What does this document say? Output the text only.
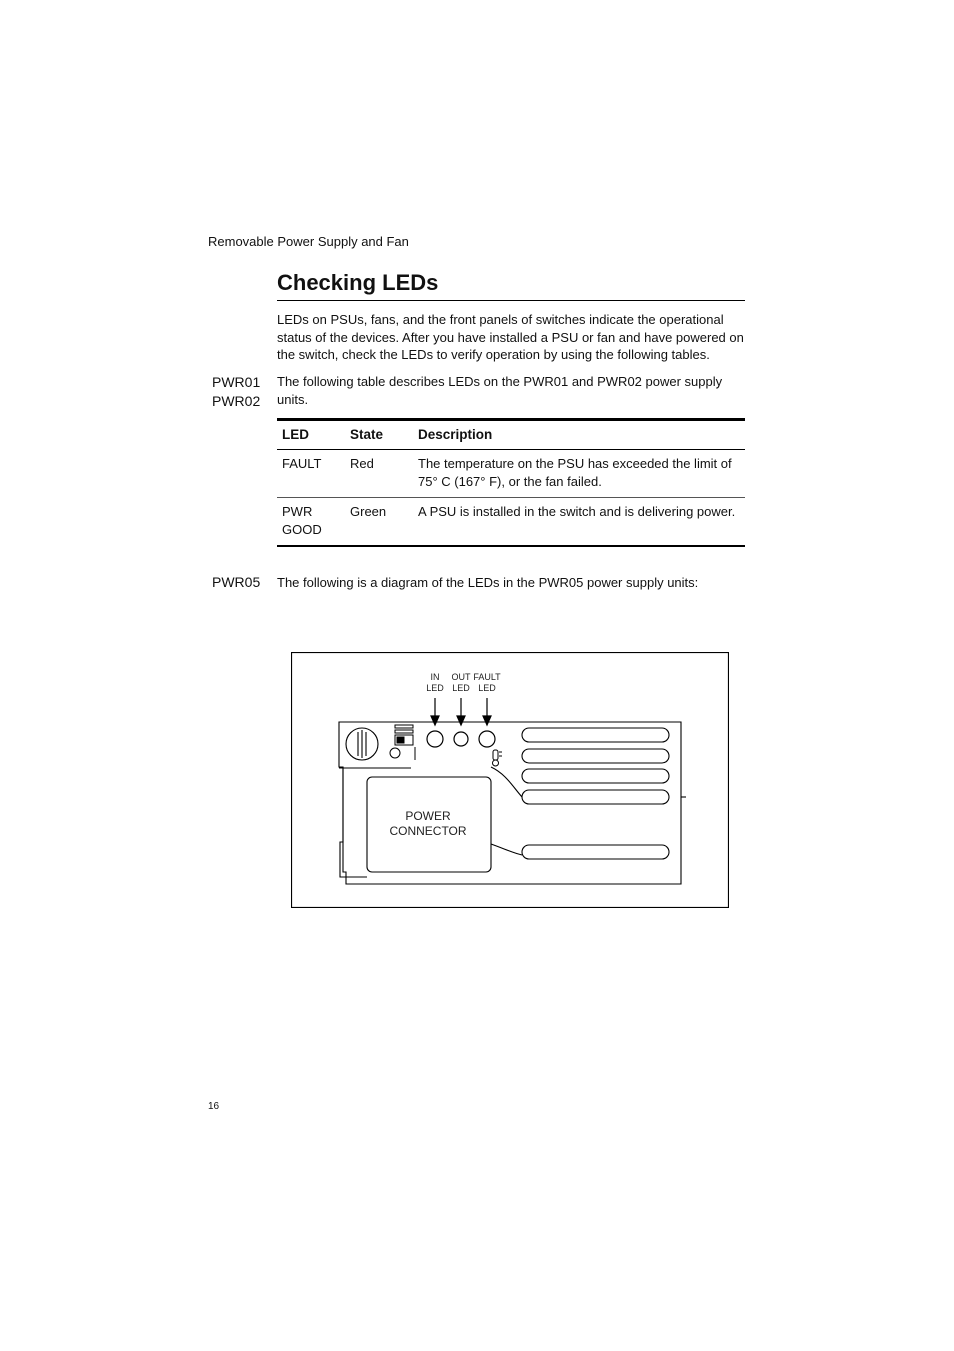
Removable Power Supply and Fan
Checking LEDs
LEDs on PSUs, fans, and the front panels of switches indicate the operational status of the devices. After you have installed a PSU or fan and have powered on the switch, check the LEDs to verify operation by using the following tables.
PWR01
PWR02
The following table describes LEDs on the PWR01 and PWR02 power supply units.
LED	State	Description
FAULT	Red	The temperature on the PSU has exceeded the limit of 75° C (167° F), or the fan failed.
PWR
GOOD	Green	A PSU is installed in the switch and is delivering power.
PWR05 The following is a diagram of the LEDs in the PWR05 power supply units:
IN
LED
OUT
LED
FAULT
LED
POWER
CONNECTOR
16
